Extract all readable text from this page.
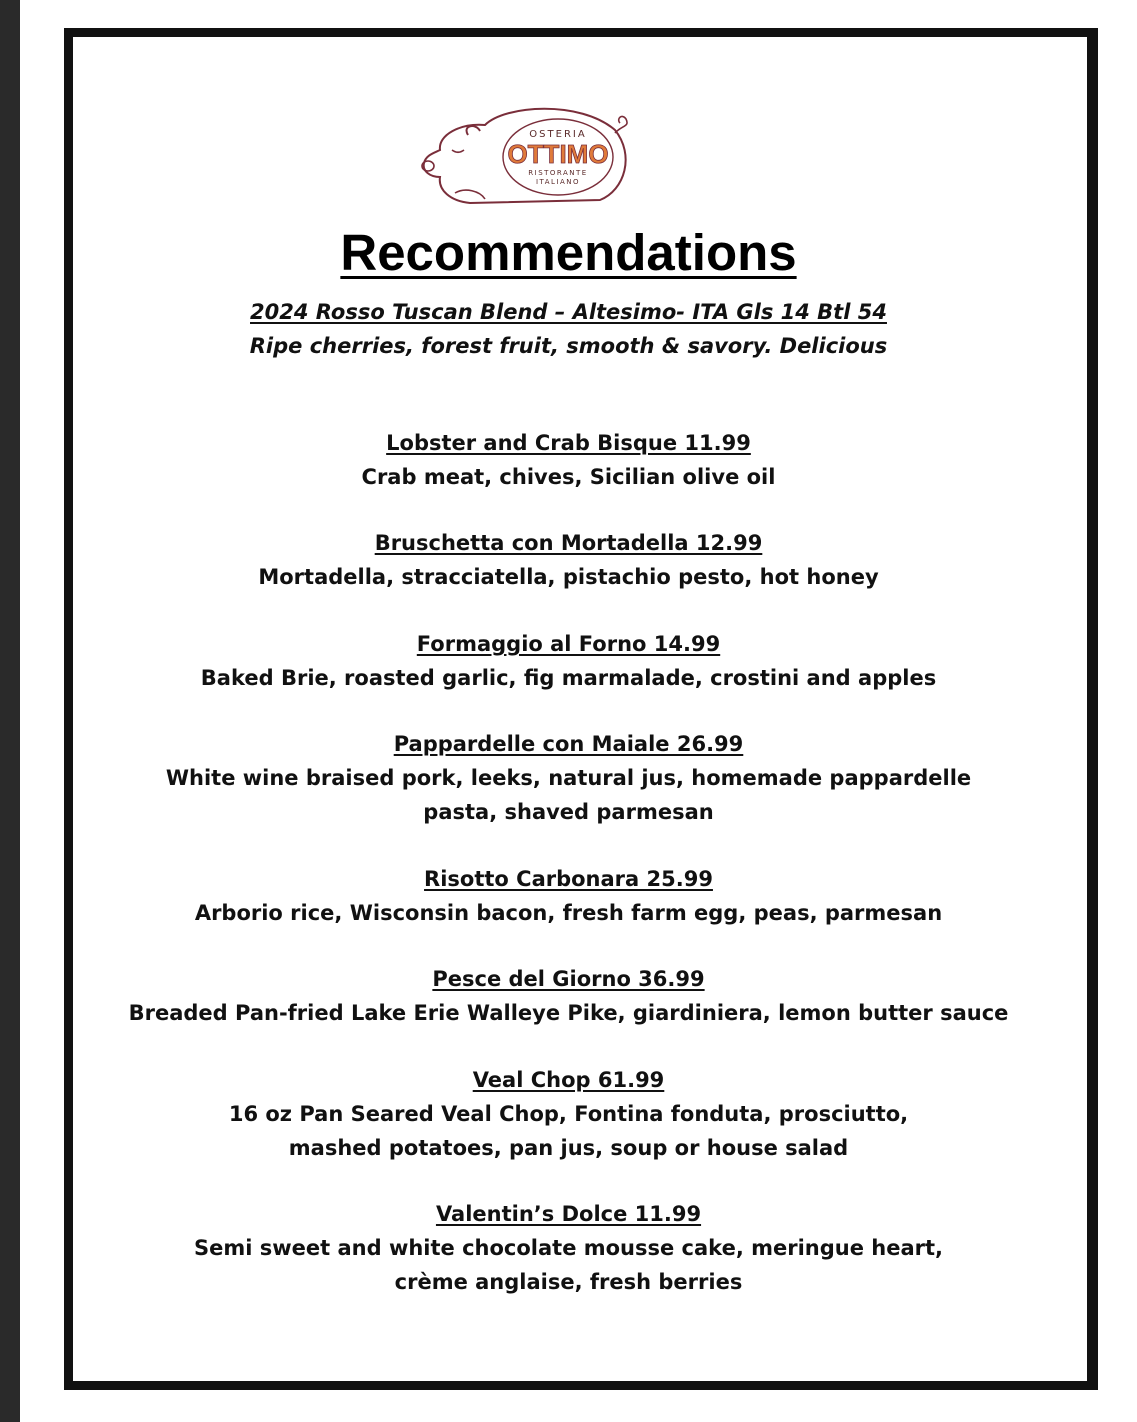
OSTERIA
OTTIMO
RISTORANTE
ITALIANO
Recommendations
2024 Rosso Tuscan Blend – Altesimo- ITA Gls 14 Btl 54
Ripe cherries, forest fruit, smooth & savory. Delicious
Lobster and Crab Bisque 11.99
Crab meat, chives, Sicilian olive oil
Bruschetta con Mortadella 12.99
Mortadella, stracciatella, pistachio pesto, hot honey
Formaggio al Forno 14.99
Baked Brie, roasted garlic, fig marmalade, crostini and apples
Pappardelle con Maiale 26.99
White wine braised pork, leeks, natural jus, homemade pappardelle pasta, shaved parmesan
Risotto Carbonara 25.99
Arborio rice, Wisconsin bacon, fresh farm egg, peas, parmesan
Pesce del Giorno 36.99
Breaded Pan-fried Lake Erie Walleye Pike, giardiniera, lemon butter sauce
Veal Chop 61.99
16 oz Pan Seared Veal Chop, Fontina fonduta, prosciutto, mashed potatoes, pan jus, soup or house salad
Valentin’s Dolce 11.99
Semi sweet and white chocolate mousse cake, meringue heart, crème anglaise, fresh berries
